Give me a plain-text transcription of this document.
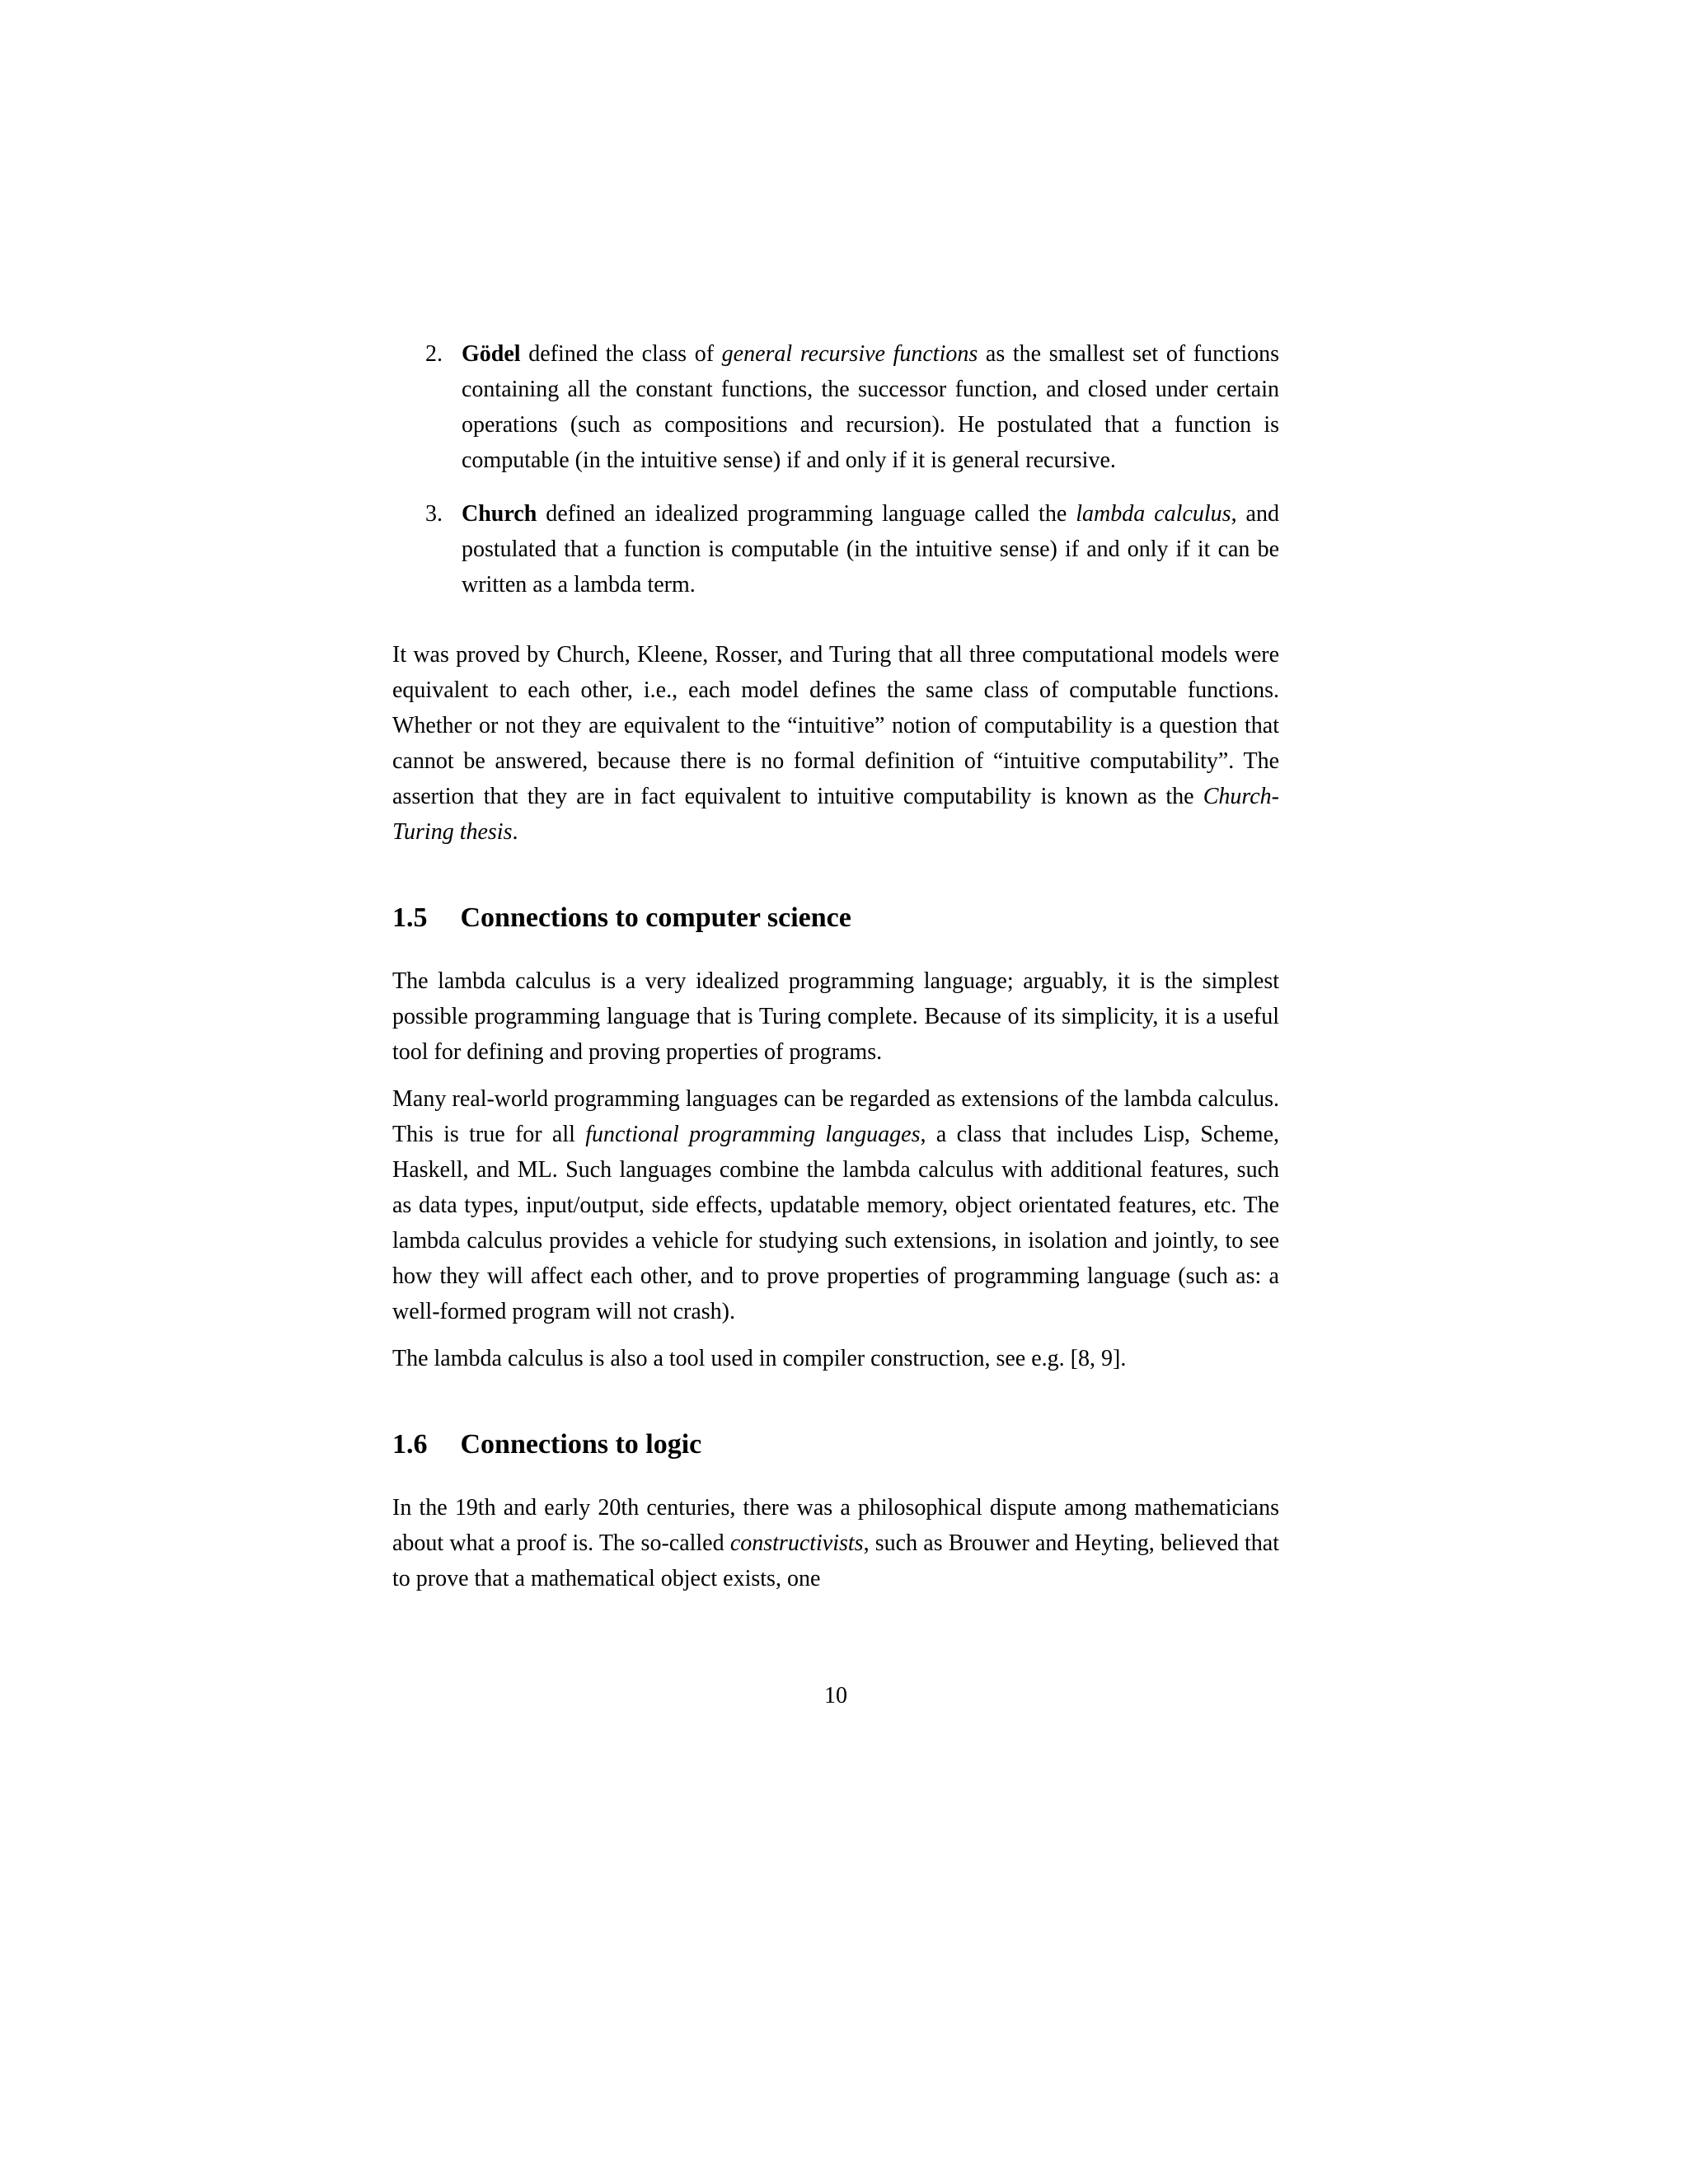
2. Gödel defined the class of general recursive functions as the smallest set of functions containing all the constant functions, the successor function, and closed under certain operations (such as compositions and recursion). He postulated that a function is computable (in the intuitive sense) if and only if it is general recursive.
3. Church defined an idealized programming language called the lambda calculus, and postulated that a function is computable (in the intuitive sense) if and only if it can be written as a lambda term.

It was proved by Church, Kleene, Rosser, and Turing that all three computational models were equivalent to each other, i.e., each model defines the same class of computable functions. Whether or not they are equivalent to the “intuitive” notion of computability is a question that cannot be answered, because there is no formal definition of “intuitive computability”. The assertion that they are in fact equivalent to intuitive computability is known as the Church-Turing thesis.

1.5 Connections to computer science

The lambda calculus is a very idealized programming language; arguably, it is the simplest possible programming language that is Turing complete. Because of its simplicity, it is a useful tool for defining and proving properties of programs.

Many real-world programming languages can be regarded as extensions of the lambda calculus. This is true for all functional programming languages, a class that includes Lisp, Scheme, Haskell, and ML. Such languages combine the lambda calculus with additional features, such as data types, input/output, side effects, updatable memory, object orientated features, etc. The lambda calculus provides a vehicle for studying such extensions, in isolation and jointly, to see how they will affect each other, and to prove properties of programming language (such as: a well-formed program will not crash).

The lambda calculus is also a tool used in compiler construction, see e.g. [8, 9].

1.6 Connections to logic

In the 19th and early 20th centuries, there was a philosophical dispute among mathematicians about what a proof is. The so-called constructivists, such as Brouwer and Heyting, believed that to prove that a mathematical object exists, one

10
